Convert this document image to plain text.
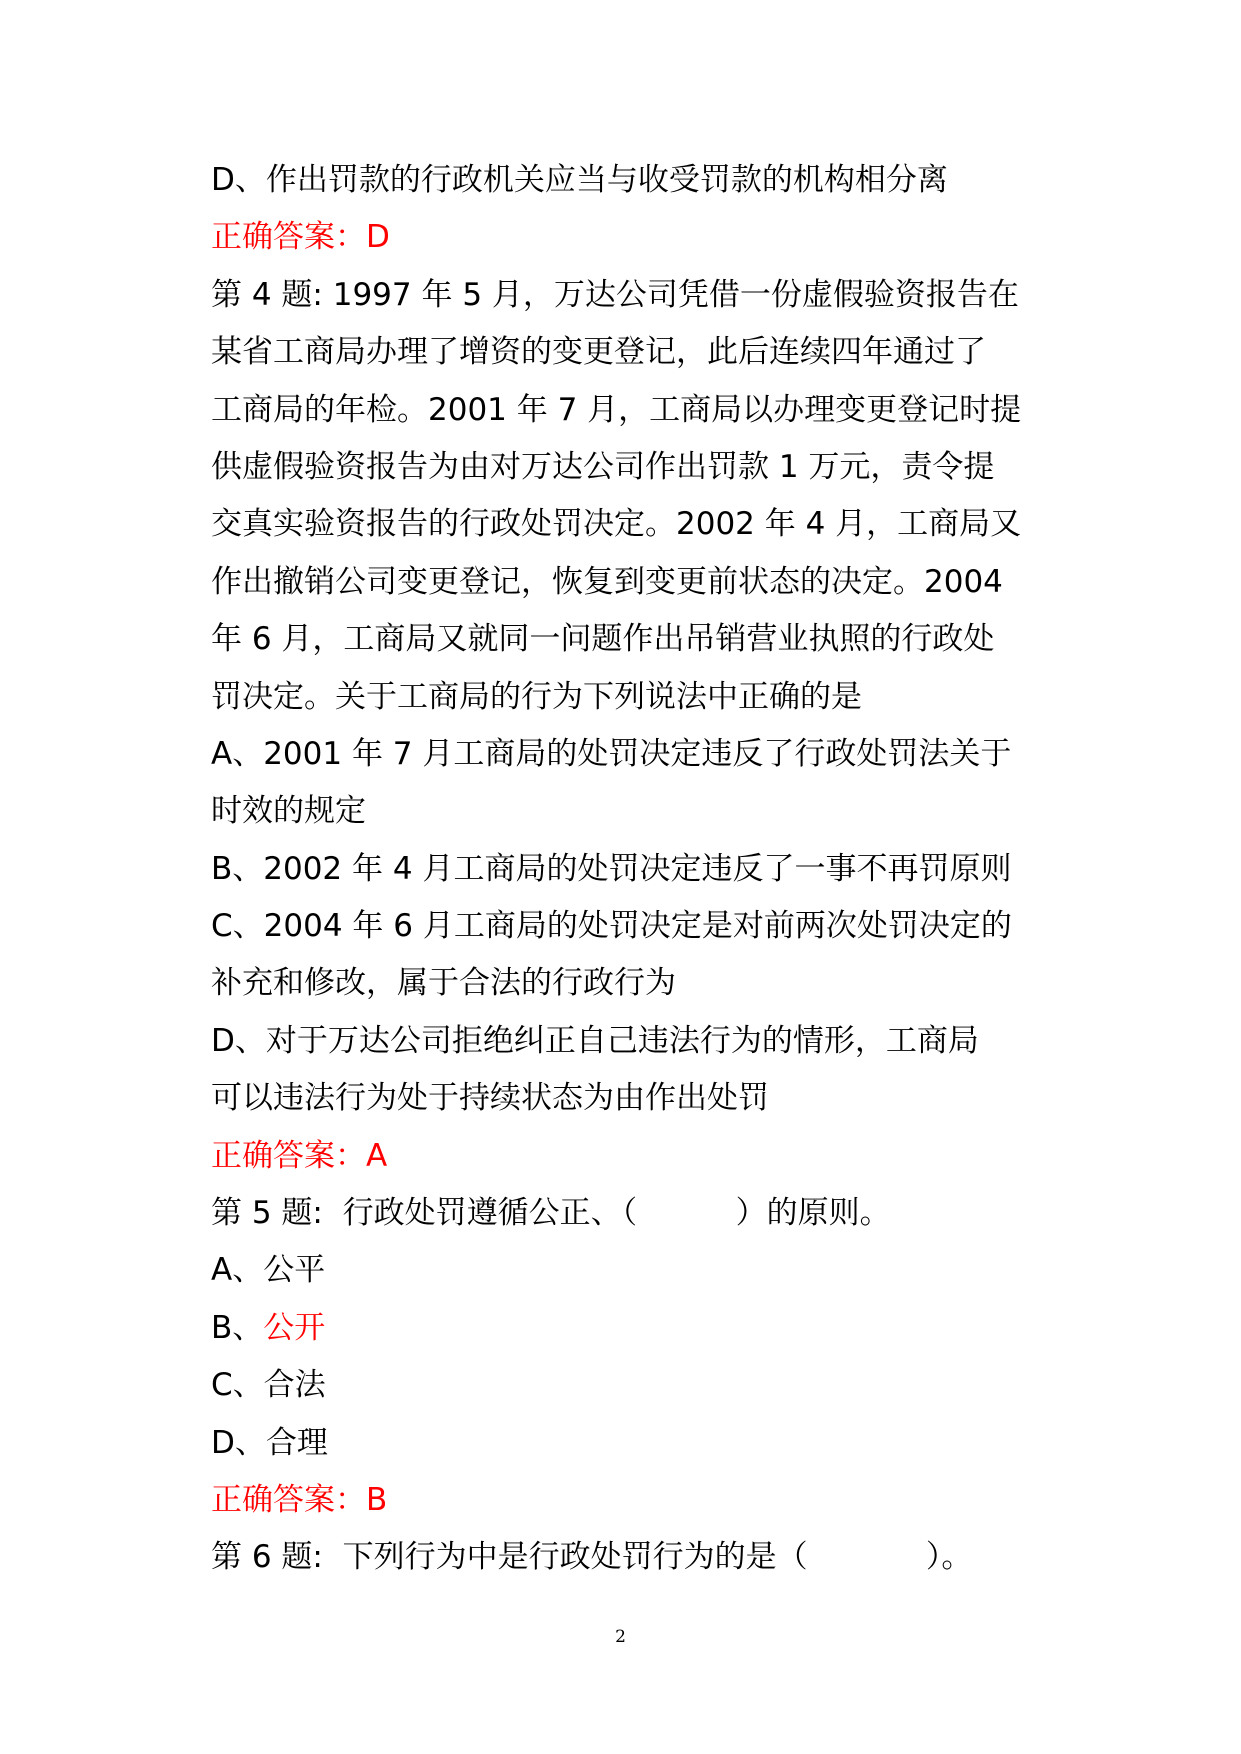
D、作出罚款的行政机关应当与收受罚款的机构相分离
正确答案：D
第 4 题: 1997 年 5 月，万达公司凭借一份虚假验资报告在
某省工商局办理了增资的变更登记，此后连续四年通过了
工商局的年检。2001 年 7 月，工商局以办理变更登记时提
供虚假验资报告为由对万达公司作出罚款 1 万元，责令提
交真实验资报告的行政处罚决定。2002 年 4 月，工商局又
作出撤销公司变更登记，恢复到变更前状态的决定。2004
年 6 月，工商局又就同一问题作出吊销营业执照的行政处
罚决定。关于工商局的行为下列说法中正确的是
A、2001 年 7 月工商局的处罚决定违反了行政处罚法关于
时效的规定
B、2002 年 4 月工商局的处罚决定违反了一事不再罚原则
C、2004 年 6 月工商局的处罚决定是对前两次处罚决定的
补充和修改，属于合法的行政行为
D、对于万达公司拒绝纠正自己违法行为的情形，工商局
可以违法行为处于持续状态为由作出处罚
正确答案：A
第 5 题:  行政处罚遵循公正、（          ）的原则。
A、公平
B、公开
C、合法
D、合理
正确答案：B
第 6 题:  下列行为中是行政处罚行为的是（            ）。
2
